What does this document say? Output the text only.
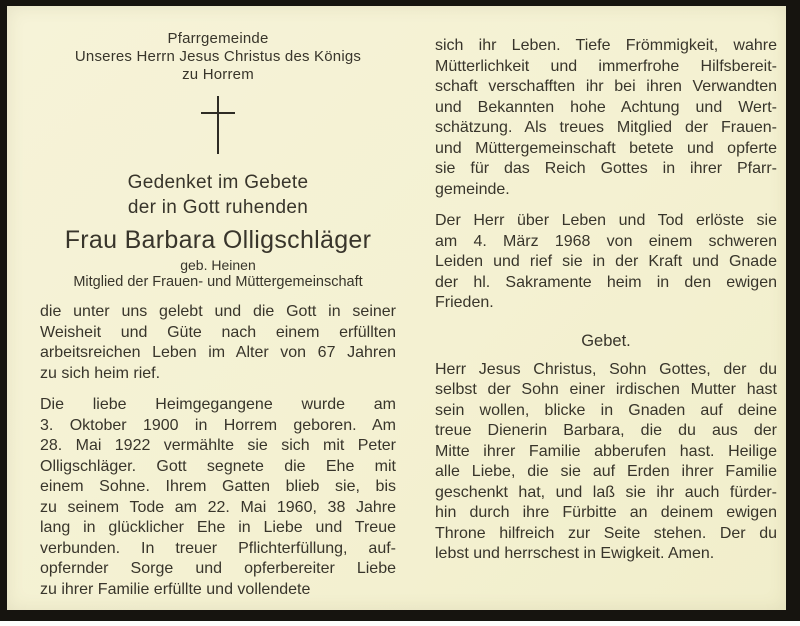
Pfarrgemeinde
Unseres Herrn Jesus Christus des Königs
zu Horrem
Gedenket im Gebete
der in Gott ruhenden
Frau Barbara Olligschläger
geb. Heinen
Mitglied der Frauen- und Müttergemeinschaft
die unter uns gelebt und die Gott in seiner
Weisheit und Güte nach einem erfüllten
arbeitsreichen Leben im Alter von 67 Jahren
zu sich heim rief.
Die liebe Heimgegangene wurde am
3. Oktober 1900 in Horrem geboren. Am
28. Mai 1922 vermählte sie sich mit Peter
Olligschläger. Gott segnete die Ehe mit
einem Sohne. Ihrem Gatten blieb sie, bis
zu seinem Tode am 22. Mai 1960, 38 Jahre
lang in glücklicher Ehe in Liebe und Treue
verbunden. In treuer Pflichterfüllung, auf-
opfernder Sorge und opferbereiter Liebe
zu ihrer Familie erfüllte und vollendete
sich ihr Leben. Tiefe Frömmigkeit, wahre
Mütterlichkeit und immerfrohe Hilfsbereit-
schaft verschafften ihr bei ihren Verwandten
und Bekannten hohe Achtung und Wert-
schätzung. Als treues Mitglied der Frauen-
und Müttergemeinschaft betete und opferte
sie für das Reich Gottes in ihrer Pfarr-
gemeinde.
Der Herr über Leben und Tod erlöste sie
am 4. März 1968 von einem schweren
Leiden und rief sie in der Kraft und Gnade
der hl. Sakramente heim in den ewigen
Frieden.
Gebet.
Herr Jesus Christus, Sohn Gottes, der du
selbst der Sohn einer irdischen Mutter hast
sein wollen, blicke in Gnaden auf deine
treue Dienerin Barbara, die du aus der
Mitte ihrer Familie abberufen hast. Heilige
alle Liebe, die sie auf Erden ihrer Familie
geschenkt hat, und laß sie ihr auch fürder-
hin durch ihre Fürbitte an deinem ewigen
Throne hilfreich zur Seite stehen. Der du
lebst und herrschest in Ewigkeit. Amen.
